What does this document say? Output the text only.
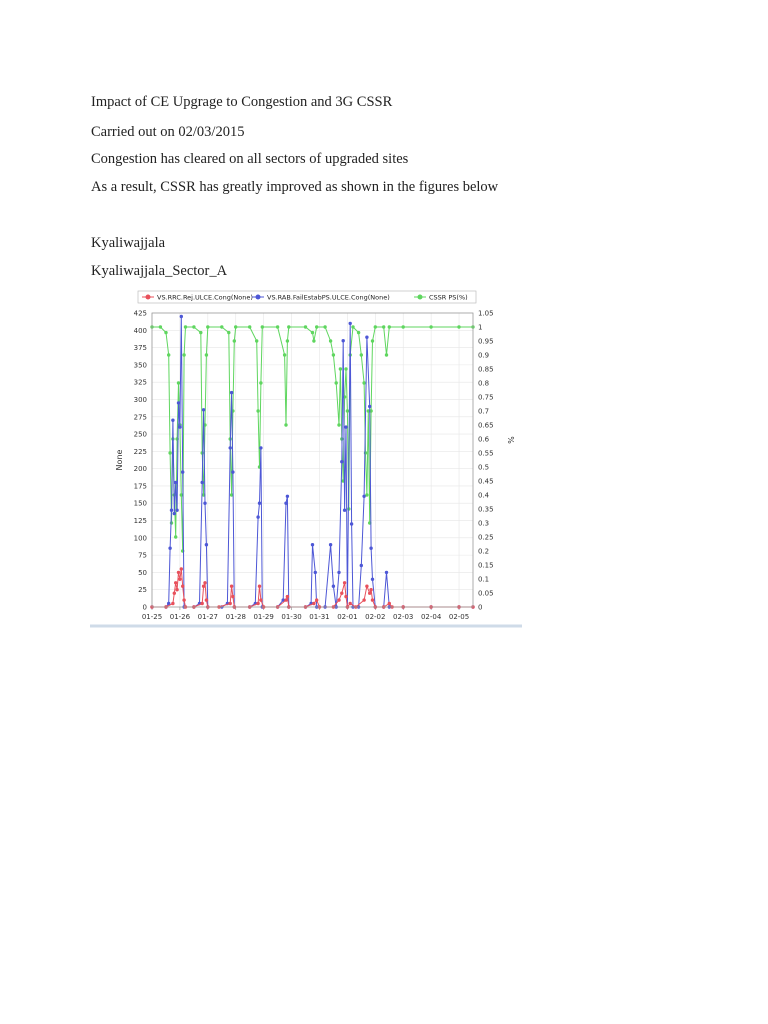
Impact of CE Upgrage to Congestion and 3G CSSR
Carried out on 02/03/2015
Congestion has cleared on all sectors of upgraded sites
As a result, CSSR has greatly improved as shown in the figures below
Kyaliwajjala
Kyaliwajjala_Sector_A
VS.RRC.Rej.ULCE.Cong(None) VS.RAB.FailEstabPS.ULCE.Cong(None)	CSSR PS(%)
0
25
50
75
100
125
150
175
200
225
250
275
300
325
350
375
400
425
0
0.05
0.1
0.15
0.2
0.25
0.3
0.35
0.4
0.45
0.5
0.55
0.6
0.65
0.7
0.75
0.8
0.85
0.9
0.95
1
1.05
01-25 01-26 01-27 01-28 01-29 01-30 01-31 02-01 02-02 02-03 02-04 02-05
None
%
